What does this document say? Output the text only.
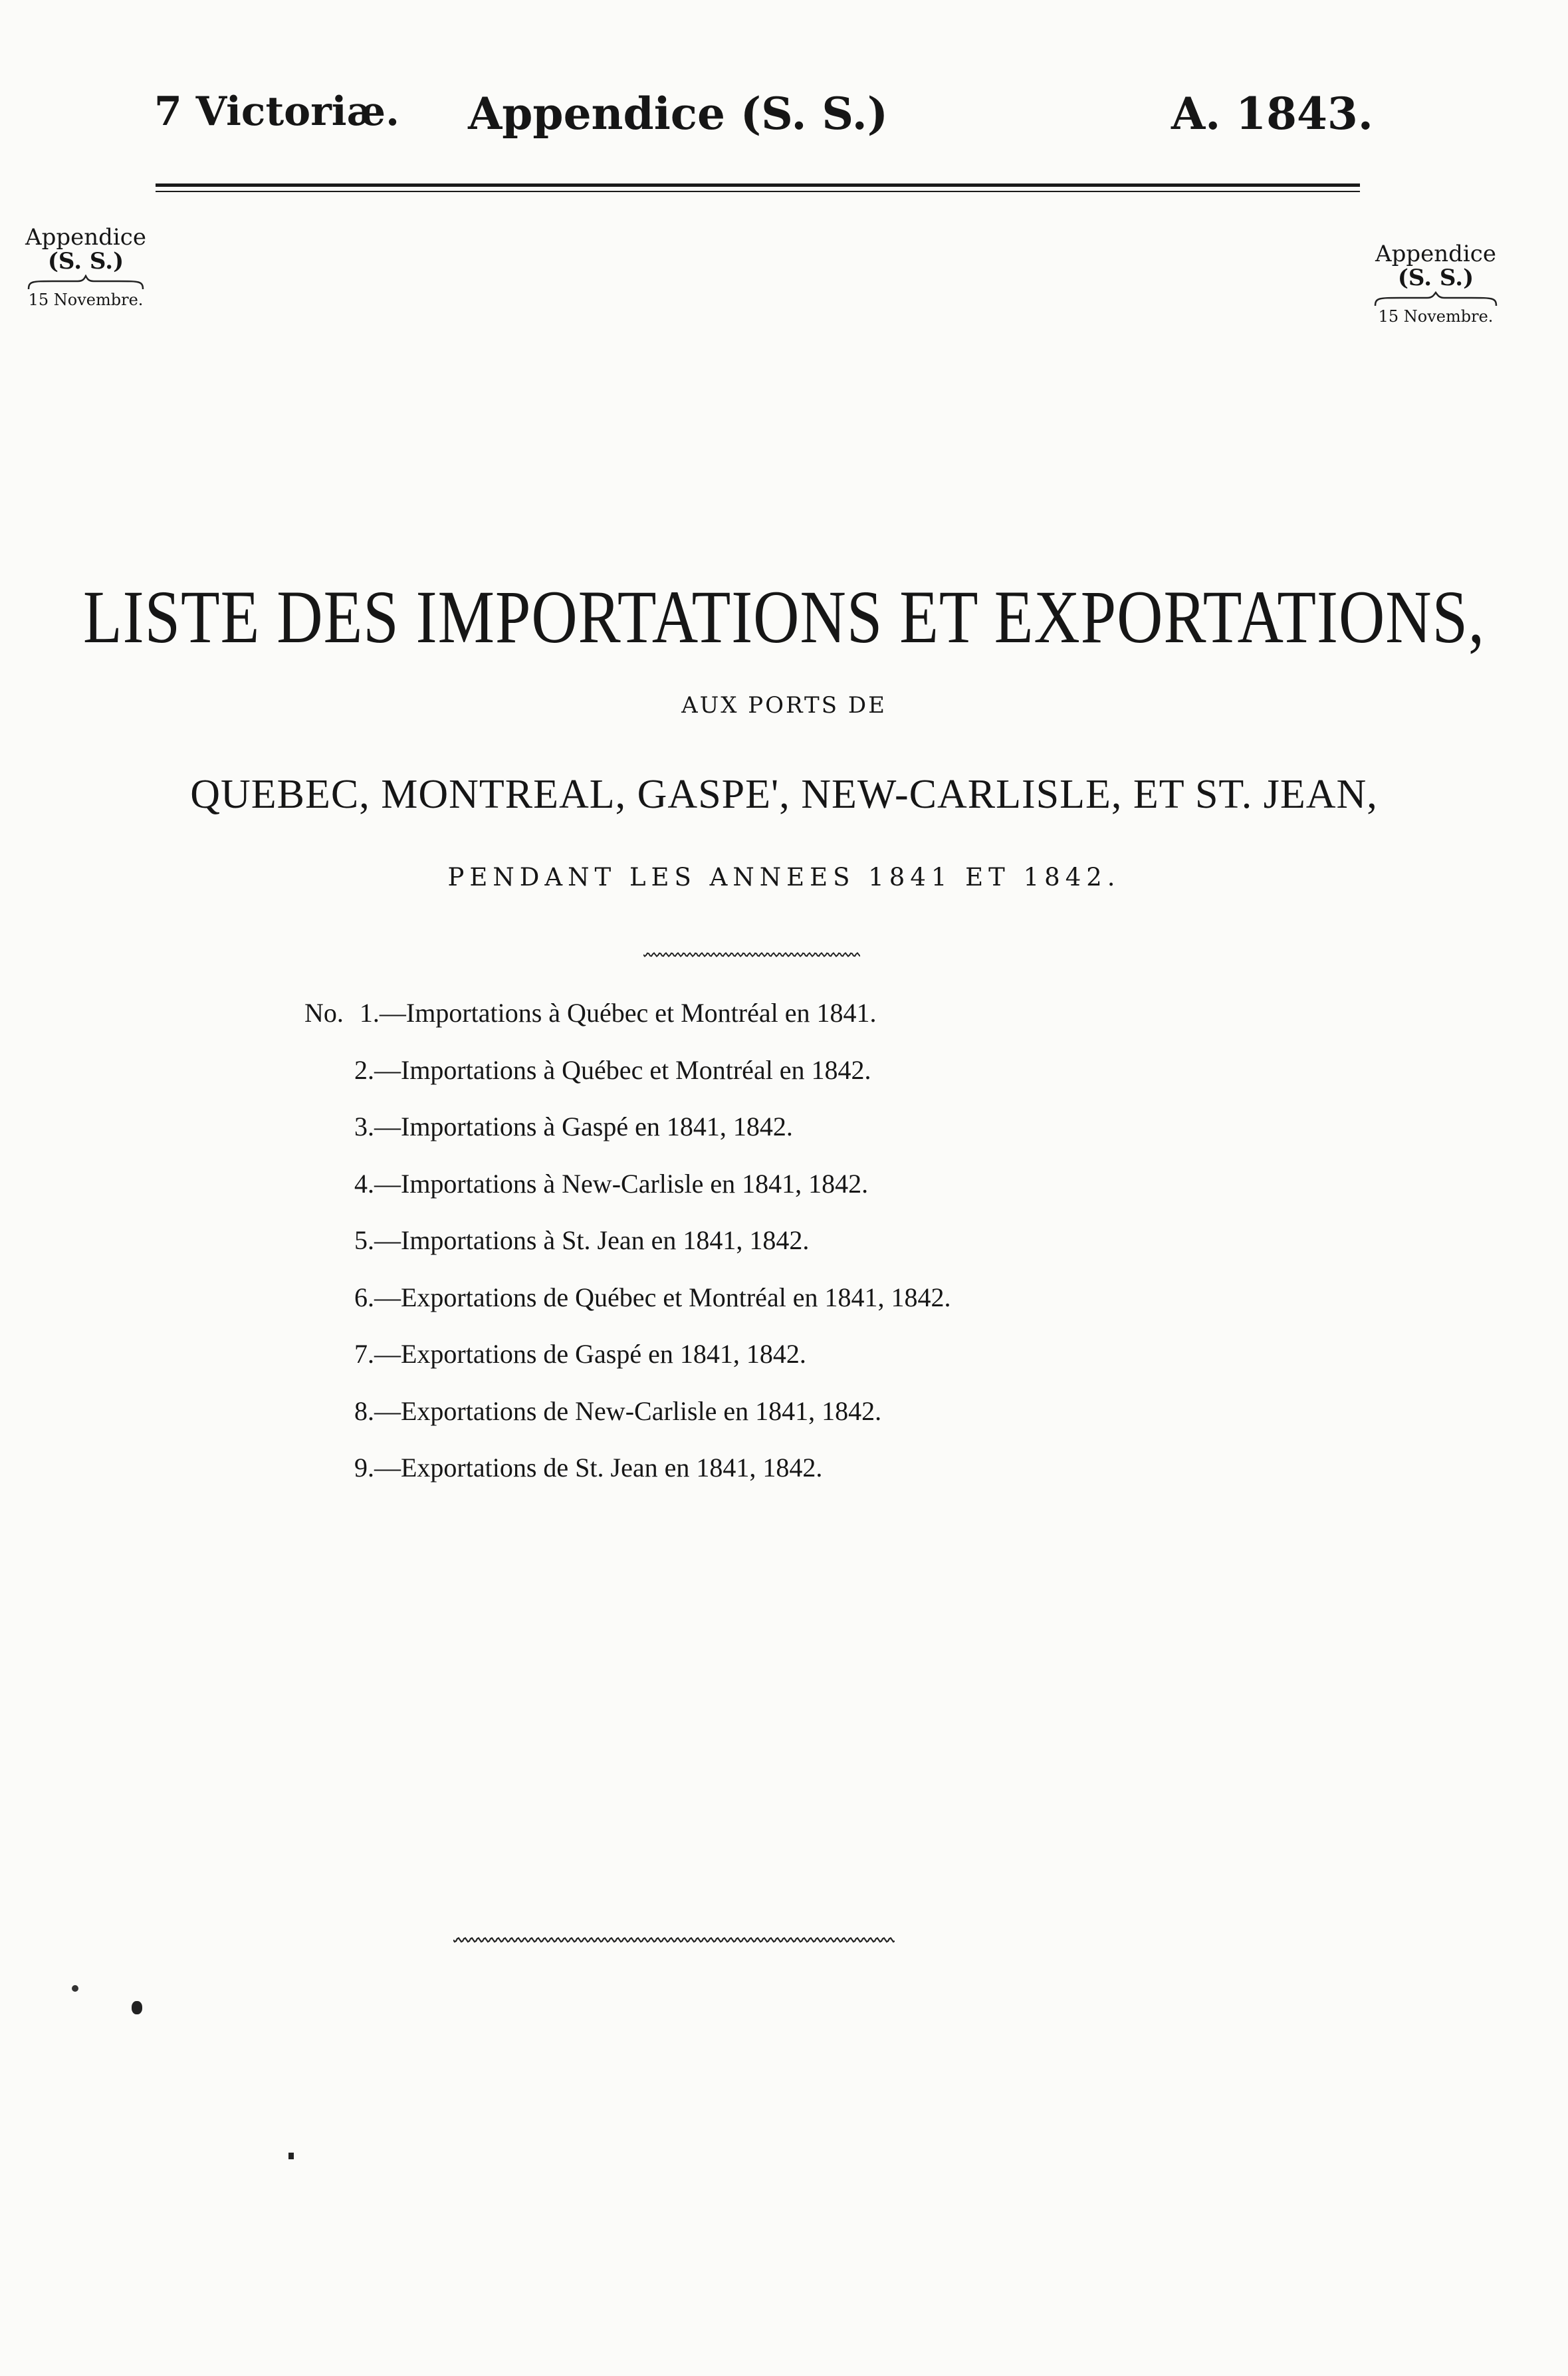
7 Victoriæ.	Appendice (S. S.)	A. 1843.
Appendice
(S. S.)
15 Novembre.
Appendice
(S. S.)
15 Novembre.
LISTE DES IMPORTATIONS ET EXPORTATIONS,
AUX PORTS DE
QUEBEC, MONTREAL, GASPE', NEW-CARLISLE, ET ST. JEAN,
PENDANT LES ANNEES 1841 ET 1842.
No. 1.—Importations à Québec et Montréal en 1841.
2.—Importations à Québec et Montréal en 1842.
3.—Importations à Gaspé en 1841, 1842.
4.—Importations à New-Carlisle en 1841, 1842.
5.—Importations à St. Jean en 1841, 1842.
6.—Exportations de Québec et Montréal en 1841, 1842.
7.—Exportations de Gaspé en 1841, 1842.
8.—Exportations de New-Carlisle en 1841, 1842.
9.—Exportations de St. Jean en 1841, 1842.
